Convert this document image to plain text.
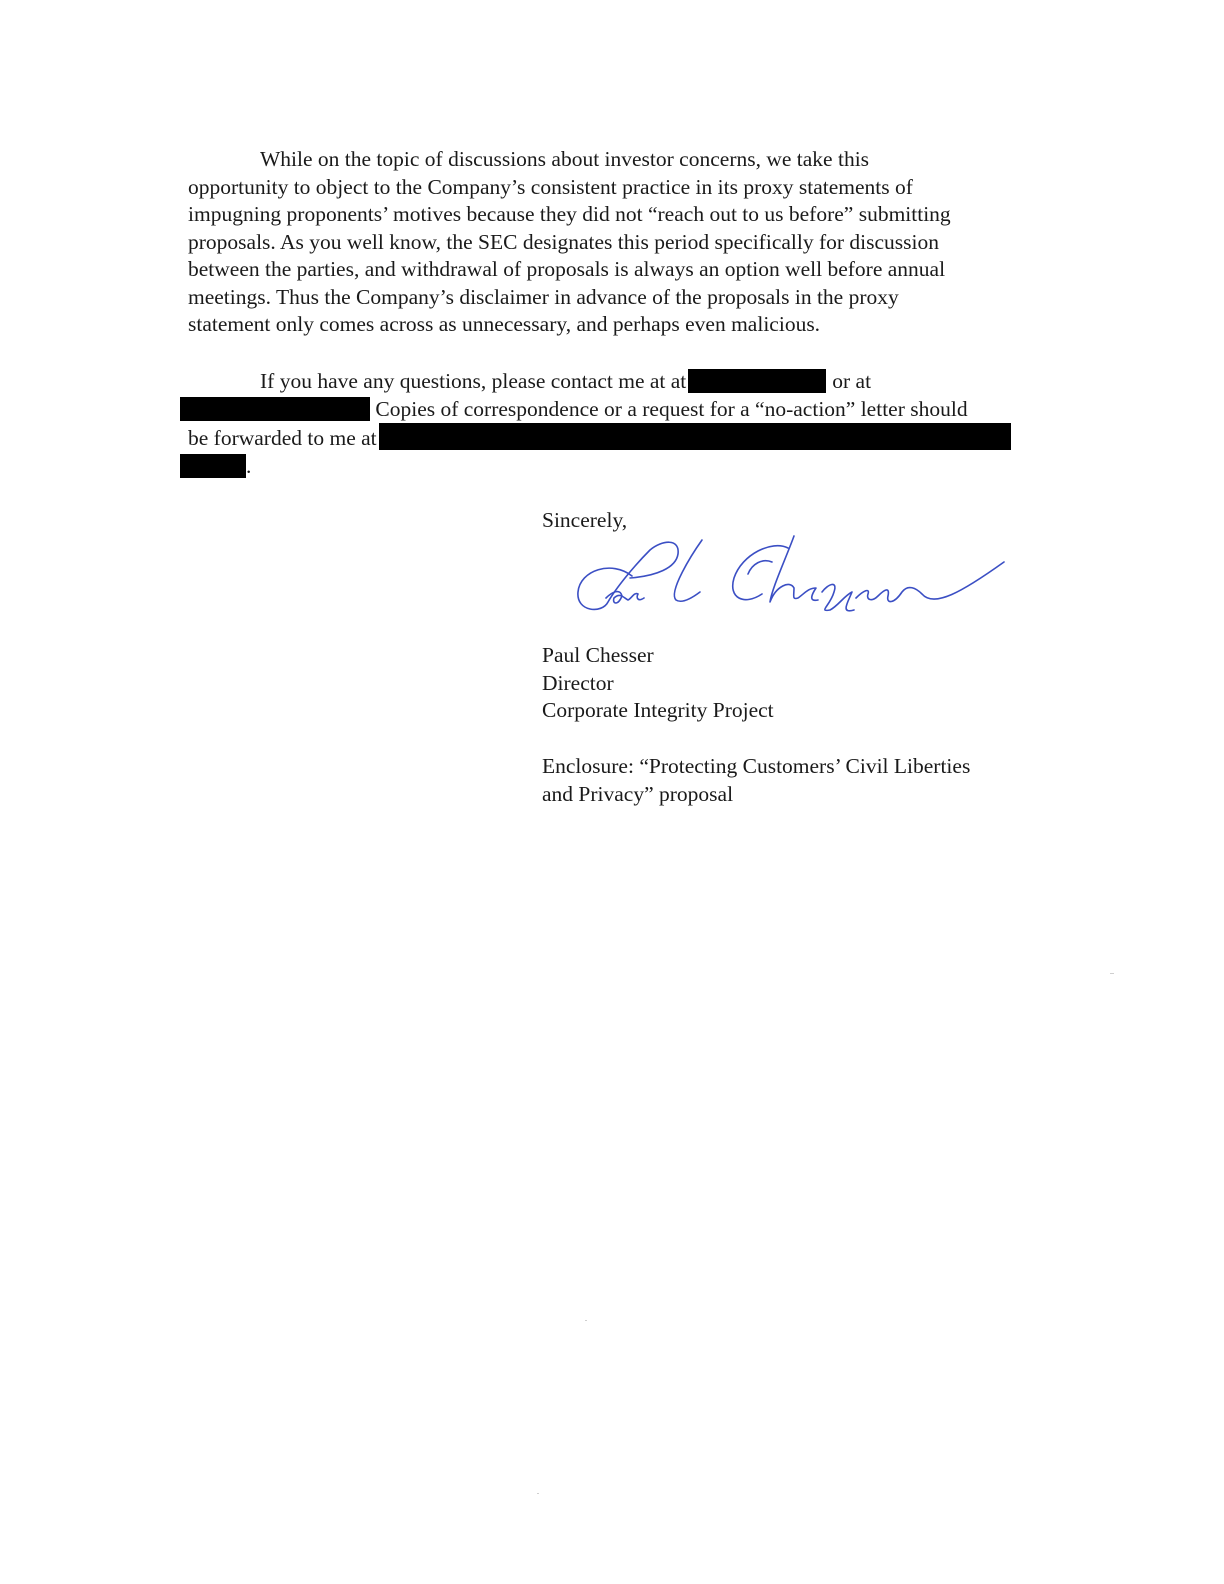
While on the topic of discussions about investor concerns, we take this
opportunity to object to the Company’s consistent practice in its proxy statements of
impugning proponents’ motives because they did not “reach out to us before” submitting
proposals. As you well know, the SEC designates this period specifically for discussion
between the parties, and withdrawal of proposals is always an option well before annual
meetings. Thus the Company’s disclaimer in advance of the proposals in the proxy
statement only comes across as unnecessary, and perhaps even malicious.

If you have any questions, please contact me at at	or at
Copies of correspondence or a request for a “no-action” letter should
be forwarded to me at
.

Sincerely,
Paul Chesser
Director
Corporate Integrity Project
Enclosure: “Protecting Customers’ Civil Liberties
and Privacy” proposal
